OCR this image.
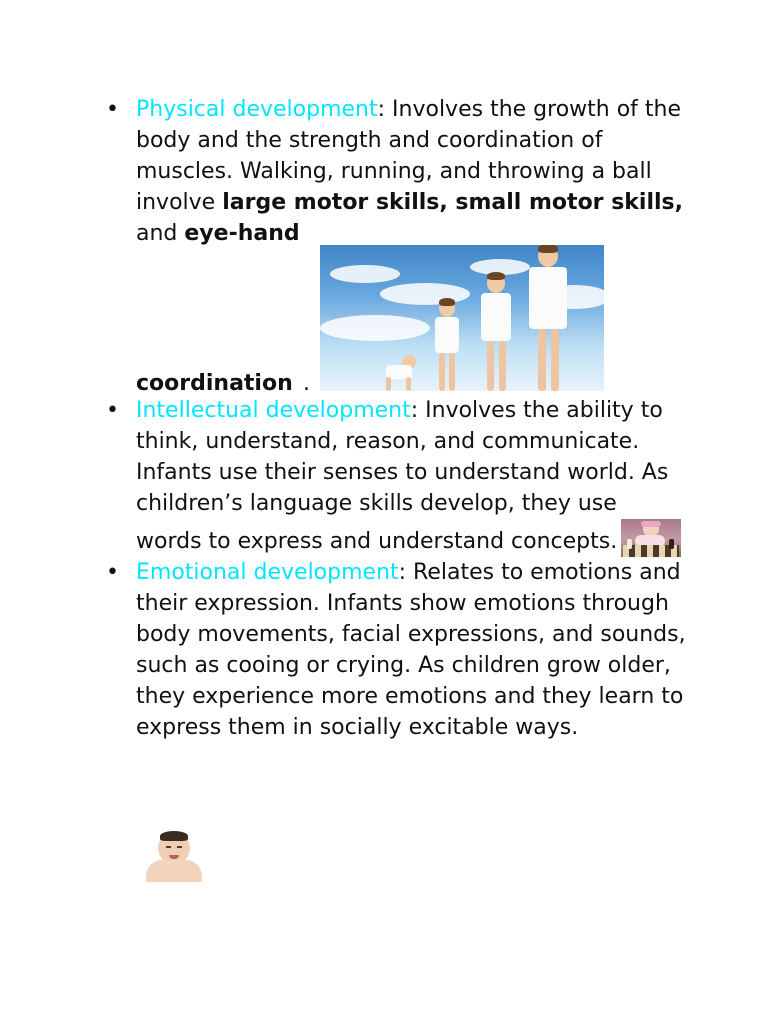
• Physical development: Involves the growth of the body and the strength and coordination of muscles. Walking, running, and throwing a ball involve large motor skills, small motor skills, and eye-hand

coordination .
• Intellectual development: Involves the ability to think, understand, reason, and communicate. Infants use their senses to understand world. As children’s language skills develop, they use words to express and understand concepts.
• Emotional development: Relates to emotions and their expression. Infants show emotions through body movements, facial expressions, and sounds, such as cooing or crying. As children grow older, they experience more emotions and they learn to express them in socially excitable ways.
